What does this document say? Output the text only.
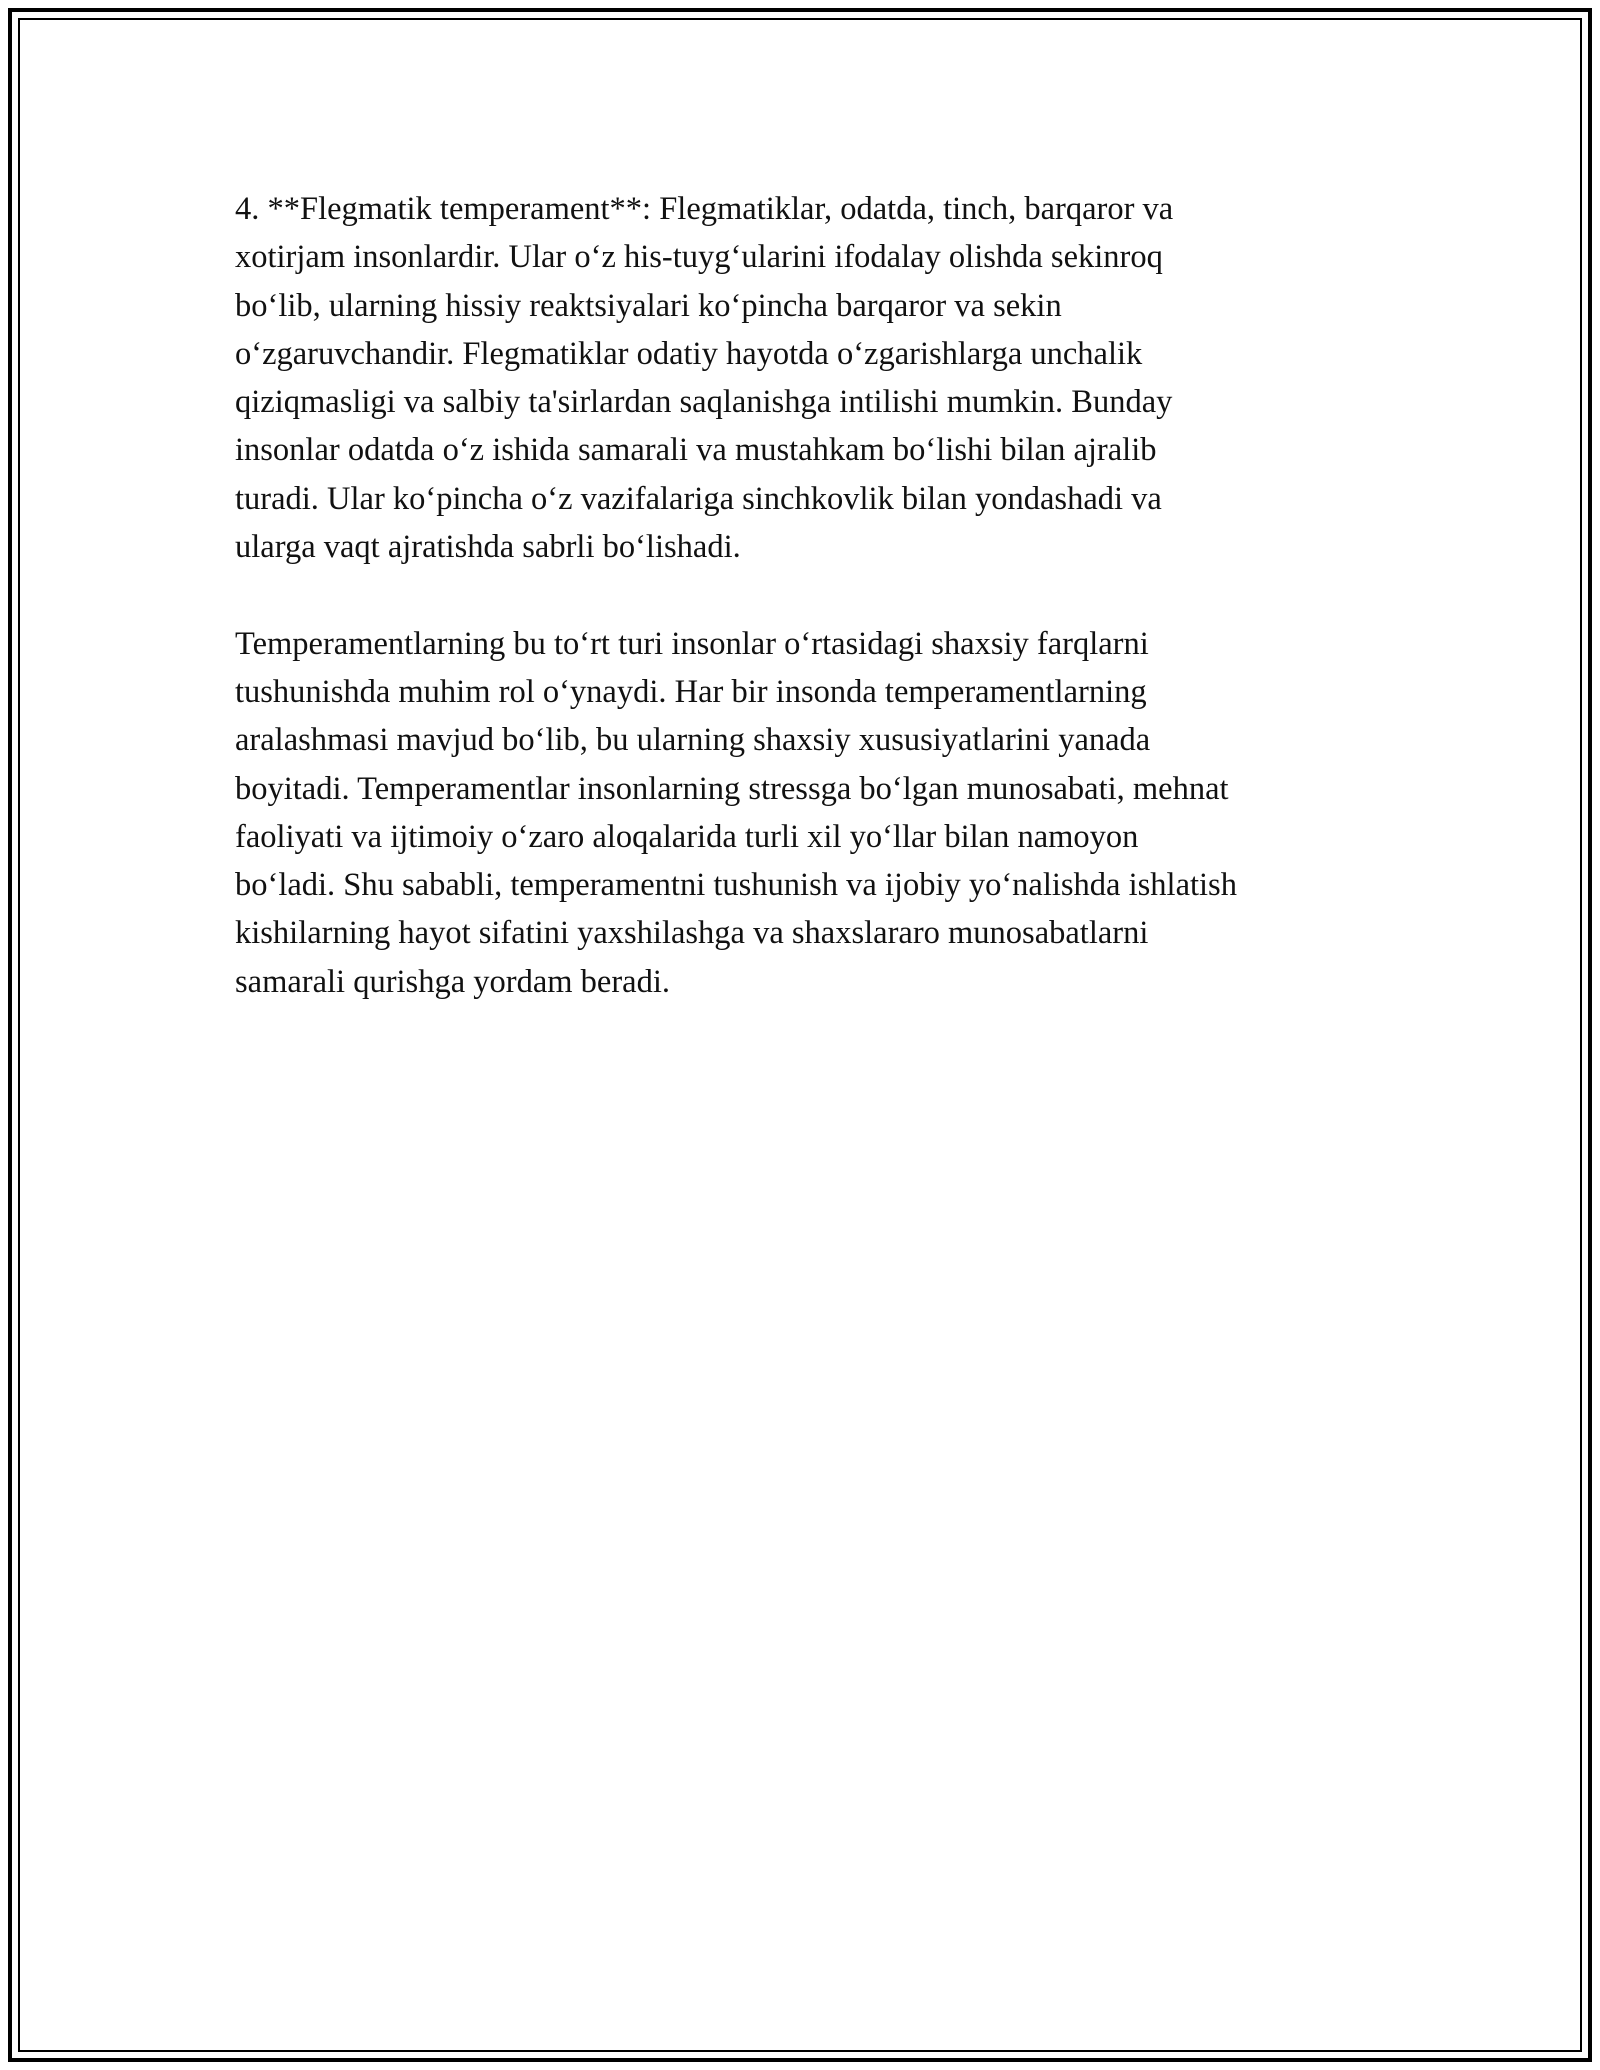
4. **Flegmatik temperament**: Flegmatiklar, odatda, tinch, barqaror va
xotirjam insonlardir. Ular o‘z his-tuyg‘ularini ifodalay olishda sekinroq
bo‘lib, ularning hissiy reaktsiyalari ko‘pincha barqaror va sekin
o‘zgaruvchandir. Flegmatiklar odatiy hayotda o‘zgarishlarga unchalik
qiziqmasligi va salbiy ta'sirlardan saqlanishga intilishi mumkin. Bunday
insonlar odatda o‘z ishida samarali va mustahkam bo‘lishi bilan ajralib
turadi. Ular ko‘pincha o‘z vazifalariga sinchkovlik bilan yondashadi va
ularga vaqt ajratishda sabrli bo‘lishadi.
Temperamentlarning bu to‘rt turi insonlar o‘rtasidagi shaxsiy farqlarni
tushunishda muhim rol o‘ynaydi. Har bir insonda temperamentlarning
aralashmasi mavjud bo‘lib, bu ularning shaxsiy xususiyatlarini yanada
boyitadi. Temperamentlar insonlarning stressga bo‘lgan munosabati, mehnat
faoliyati va ijtimoiy o‘zaro aloqalarida turli xil yo‘llar bilan namoyon
bo‘ladi. Shu sababli, temperamentni tushunish va ijobiy yo‘nalishda ishlatish
kishilarning hayot sifatini yaxshilashga va shaxslararo munosabatlarni
samarali qurishga yordam beradi.
